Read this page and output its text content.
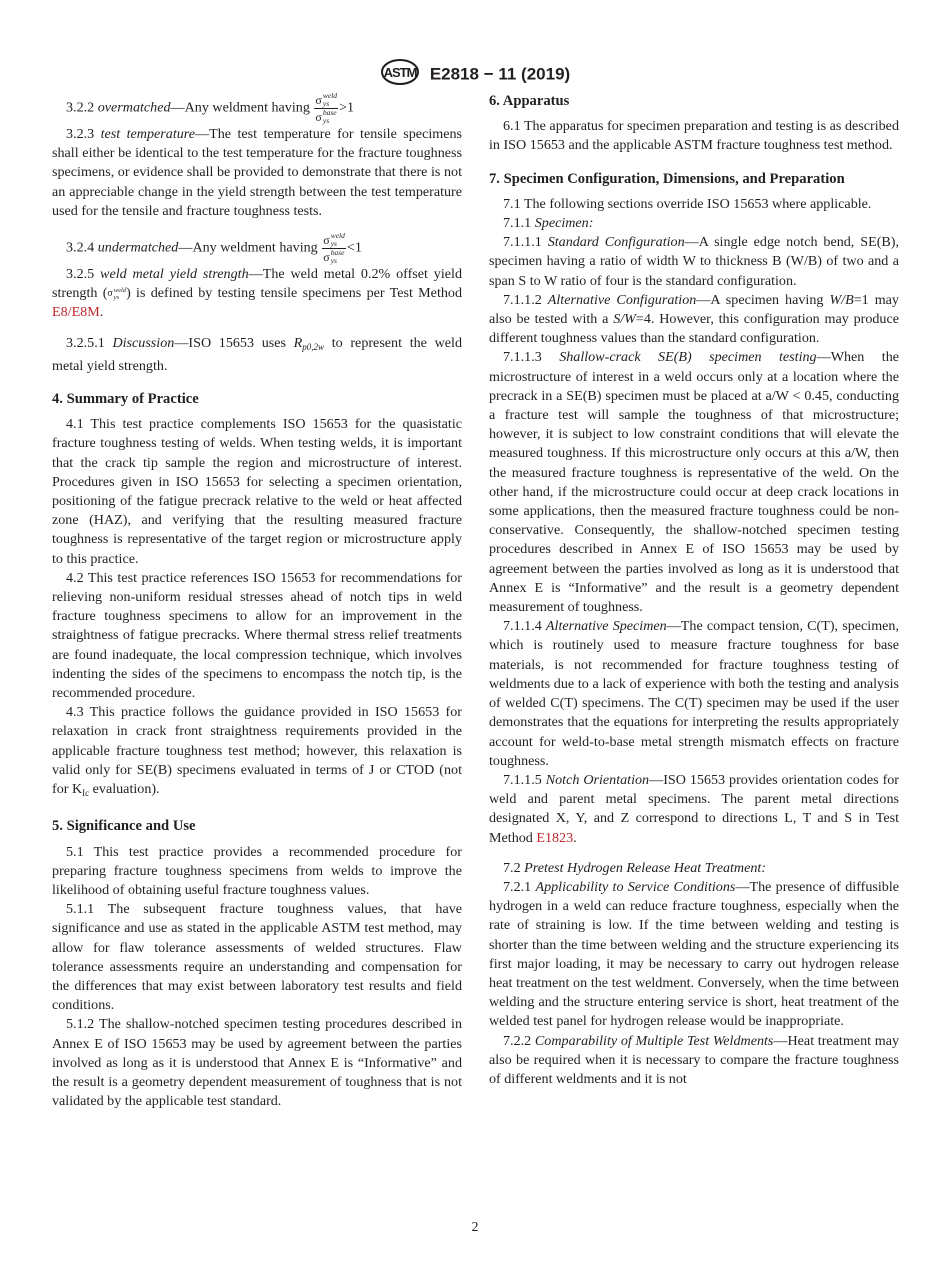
ASTM E2818 − 11 (2019)

3.2.2 overmatched—Any weldment having σ weld
ys
σ base
ys >1

3.2.3 test temperature—The test temperature for tensile specimens shall either be identical to the test temperature for the fracture toughness specimens, or evidence shall be provided to demonstrate that there is not an appreciable change in the yield strength between the test temperature used for the tensile and fracture toughness tests.

3.2.4 undermatched—Any weldment having σ weld
ys
σ base
ys <1

3.2.5 weld metal yield strength—The weld metal 0.2% offset yield strength ( σ weld
ys ) is defined by testing tensile specimens per Test Method E8/E8M.

3.2.5.1 Discussion—ISO 15653 uses $R_{p0,2w}$ to represent the weld metal yield strength.

4. Summary of Practice

4.1 This test practice complements ISO 15653 for the quasistatic fracture toughness testing of welds. When testing welds, it is important that the crack tip sample the region and microstructure of interest. Procedures given in ISO 15653 for selecting a specimen orientation, positioning of the fatigue precrack relative to the weld or heat affected zone (HAZ), and verifying that the resulting measured fracture toughness is representative of the target region or microstructure apply to this practice.

4.2 This test practice references ISO 15653 for recommendations for relieving non-uniform residual stresses ahead of notch tips in weld fracture toughness specimens to allow for an improvement in the straightness of fatigue precracks. Where thermal stress relief treatments are found inadequate, the local compression technique, which involves indenting the sides of the specimens to encompass the notch tip, is the recommended procedure.

4.3 This practice follows the guidance provided in ISO 15653 for relaxation in crack front straightness requirements provided in the applicable fracture toughness test method; however, this relaxation is valid only for SE(B) specimens evaluated in terms of J or CTOD (not for $K_{Ic}$ evaluation).

5. Significance and Use

5.1 This test practice provides a recommended procedure for preparing fracture toughness specimens from welds to improve the likelihood of obtaining useful fracture toughness values.

5.1.1 The subsequent fracture toughness values, that have significance and use as stated in the applicable ASTM test method, may allow for flaw tolerance assessments of welded structures. Flaw tolerance assessments require an understanding and compensation for the differences that may exist between laboratory test results and field conditions.

5.1.2 The shallow-notched specimen testing procedures described in Annex E of ISO 15653 may be used by agreement between the parties involved as long as it is understood that Annex E is “Informative” and the result is a geometry dependent measurement of toughness that is not validated by the applicable test standard.

6. Apparatus

6.1 The apparatus for specimen preparation and testing is as described in ISO 15653 and the applicable ASTM fracture toughness test method.

7. Specimen Configuration, Dimensions, and Preparation

7.1 The following sections override ISO 15653 where applicable.

7.1.1 Specimen:

7.1.1.1 Standard Configuration—A single edge notch bend, SE(B), specimen having a ratio of width W to thickness B (W/B) of two and a span S to W ratio of four is the standard configuration.

7.1.1.2 Alternative Configuration—A specimen having W/B=1 may also be tested with a S/W=4. However, this configuration may produce different toughness values than the standard configuration.

7.1.1.3 Shallow-crack SE(B) specimen testing—When the microstructure of interest in a weld occurs only at a location where the precrack in a SE(B) specimen must be placed at a/W < 0.45, conducting a fracture test will sample the toughness of that microstructure; however, it is subject to low constraint conditions that will elevate the measured toughness. If this microstructure only occurs at this a/W, then the measured fracture toughness is representative of the weld. On the other hand, if the microstructure could occur at deep crack locations in some applications, then the measured fracture toughness could be non-conservative. Consequently, the shallow-notched specimen testing procedures described in Annex E of ISO 15653 may be used by agreement between the parties involved as long as it is understood that Annex E is “Informative” and the result is a geometry dependent measurement of toughness.

7.1.1.4 Alternative Specimen—The compact tension, C(T), specimen, which is routinely used to measure fracture toughness for base materials, is not recommended for fracture toughness testing of weldments due to a lack of experience with both the testing and analysis of welded C(T) specimens. The C(T) specimen may be used if the user demonstrates that the equations for interpreting the results appropriately account for weld-to-base metal strength mismatch effects on fracture toughness.

7.1.1.5 Notch Orientation—ISO 15653 provides orientation codes for weld and parent metal specimens. The parent metal directions designated X, Y, and Z correspond to directions L, T and S in Test Method E1823.

7.2 Pretest Hydrogen Release Heat Treatment:

7.2.1 Applicability to Service Conditions—The presence of diffusible hydrogen in a weld can reduce fracture toughness, especially when the rate of straining is low. If the time between welding and testing is shorter than the time between welding and the structure experiencing its first major loading, it may be necessary to carry out hydrogen release heat treatment on the test weldment. Conversely, when the time between welding and the structure entering service is short, heat treatment of the welded test panel for hydrogen release would be inappropriate.

7.2.2 Comparability of Multiple Test Weldments—Heat treatment may also be required when it is necessary to compare the fracture toughness of different weldments and it is not

2
